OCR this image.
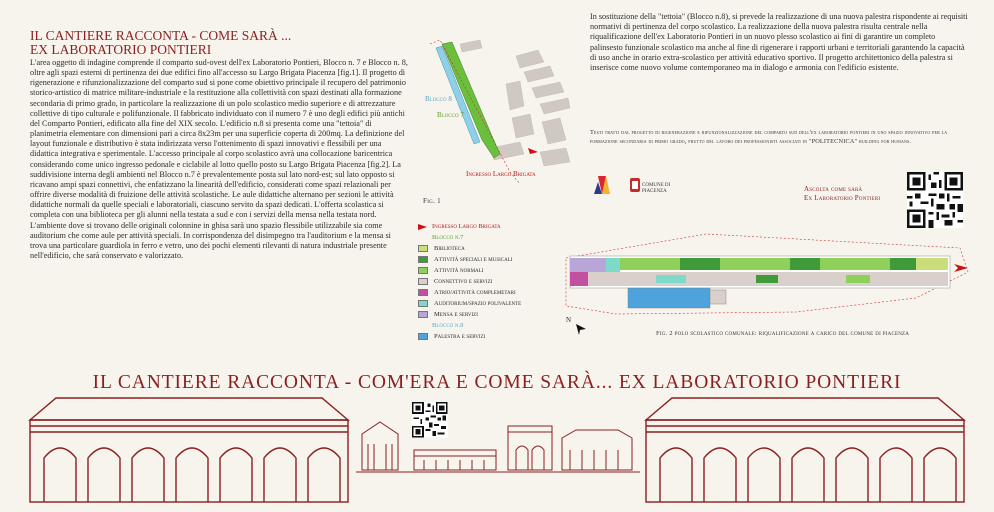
IL CANTIERE RACCONTA - COME SARÀ ...
EX LABORATORIO PONTIERI

L'area oggetto di indagine comprende il comparto sud-ovest dell'ex Laboratorio Pontieri, Blocco n. 7 e Blocco n. 8, oltre agli spazi esterni di pertinenza dei due edifici fino all'accesso su Largo Brigata Piacenza [fig.1]. Il progetto di rigenerazione e rifunzionalizzazione del comparto sud si pone come obiettivo principale il recupero del patrimonio storico-artistico di matrice militare-industriale e la restituzione alla collettività con spazi destinati alla formazione secondaria di primo grado, in particolare la realizzazione di un polo scolastico medio superiore e di attrezzature collettive di tipo culturale e polifunzionale. Il fabbricato individuato con il numero 7 è uno degli edifici più antichi del Comparto Pontieri, edificato alla fine del XIX secolo. L'edificio n.8 si presenta come una "tettoia" di planimetria elementare con dimensioni pari a circa 8x23m per una superficie coperta di 200mq. La definizione del layout funzionale e distributivo è stata indirizzata verso l'ottenimento di spazi innovativi e flessibili per una didattica integrativa e sperimentale. L'accesso principale al corpo scolastico avrà una collocazione baricentrica considerando come unico ingresso pedonale e ciclabile al lotto quello posto su Largo Brigata Piacenza [fig.2]. La suddivisione interna degli ambienti nel Blocco n.7 è prevalentemente posta sul lato nord-est; sul lato opposto si ricavano ampi spazi connettivi, che enfatizzano la linearità dell'edificio, considerati come spazi relazionali per offrire diverse modalità di fruizione delle attività scolastiche. Le aule didattiche alternano per sezioni le attività didattiche normali da quelle speciali e laboratoriali, ciascuno servito da spazi dedicati. L'offerta scolastica si completa con una biblioteca per gli alunni nella testata a sud e con i servizi della mensa nella testata nord. L'ambiente dove si trovano delle originali colonnine in ghisa sarà uno spazio flessibile utilizzabile sia come auditorium che come aule per attività speciali. In corrispondenza del disimpegno tra l'auditorium e la mensa si trova una particolare guardiola in ferro e vetro, uno dei pochi elementi rilevanti di natura industriale presente nell'edificio, che sarà conservato e valorizzato.

Blocco 8
Blocco 7
Ingresso Largo Brigata
Fig. 1

In sostituzione della "tettoia" (Blocco n.8), si prevede la realizzazione di una nuova palestra rispondente ai requisiti normativi di pertinenza del corpo scolastico. La realizzazione della nuova palestra risulta centrale nella riqualificazione dell'ex Laboratorio Pontieri in un nuovo plesso scolastico ai fini di garantire un completo palinsesto funzionale scolastico ma anche al fine di rigenerare i rapporti urbani e territoriali garantendo la capacità di uso anche in orario extra-scolastico per attività educativo sportivo. Il progetto architettonico della palestra si inserisce come nuovo volume contemporaneo ma in dialogo e armonia con l'edificio esistente.

Testi tratti dal progetto di rigenerazione e rifunzionalizzazione del comparto sud dell'ex laboratorio pontieri in uno spazio innovativo per la formazione secondaria di primo grado, frutto del lavoro dei professionisti associati in "POLITECNICA" building for humans.
COMUNE DI PIACENZA	Ascolta come sarà
Ex Laboratorio Pontieri
Ingresso Largo Brigata
Blocco n.7
Biblioteca
Attività speciali e musicali
Attività normali
Connettivo e servizi
Atrio/attività complemetari
Auditorium/spazio polivalente
Mensa e servizi
Blocco n.8
Palestra e servizi
N
Fig. 2 polo scolastico comunale: riqualificazione a carico del comune di piacenza
IL CANTIERE RACCONTA - COM'ERA E COME SARÀ... EX LABORATORIO PONTIERI
